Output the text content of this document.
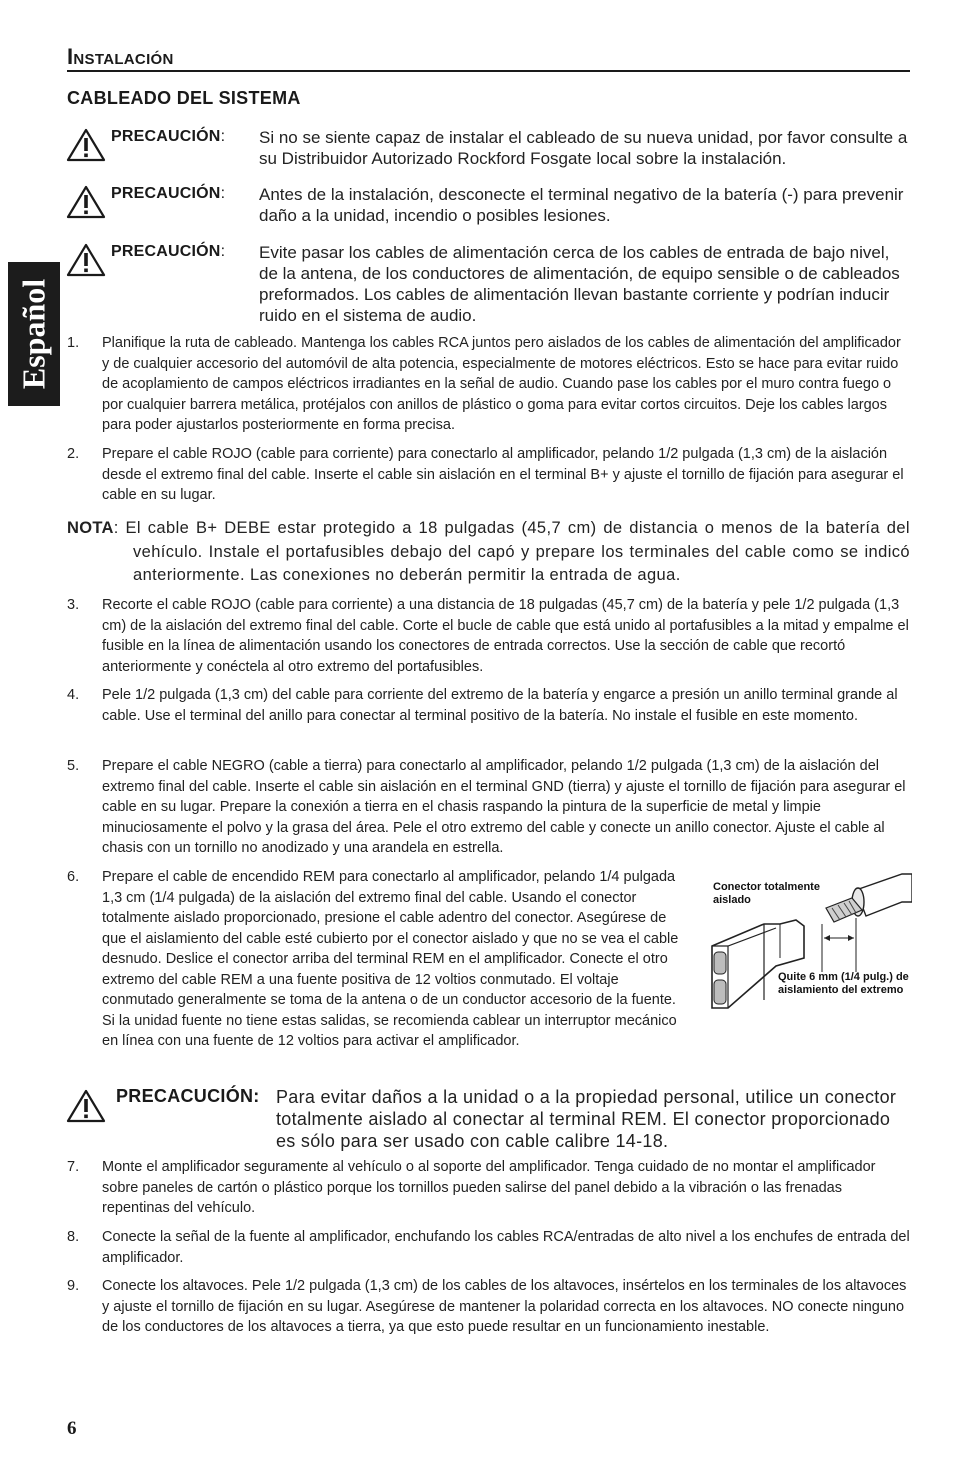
INSTALACIÓN
CABLEADO DEL SISTEMA
Español
PRECAUCIÓN: Si no se siente capaz de instalar el cableado de su nueva unidad, por favor consulte a su Distribuidor Autorizado Rockford Fosgate local sobre la instalación.
PRECAUCIÓN: Antes de la instalación, desconecte el terminal negativo de la batería (-) para prevenir daño a la unidad, incendio o posibles lesiones.
PRECAUCIÓN: Evite pasar los cables de alimentación cerca de los cables de entrada de bajo nivel, de la antena, de los conductores de alimentación, de equipo sensible o de cableados preformados. Los cables de alimentación llevan bastante corriente y podrían inducir ruido en el sistema de audio.
1. Planifique la ruta de cableado. Mantenga los cables RCA juntos pero aislados de los cables de alimentación del amplificador y de cualquier accesorio del automóvil de alta potencia, especialmente de motores eléctricos. Esto se hace para evitar ruido de acoplamiento de campos eléctricos irradiantes en la señal de audio. Cuando pase los cables por el muro contra fuego o por cualquier barrera metálica, protéjalos con anillos de plástico o goma para evitar cortos circuitos. Deje los cables largos para poder ajustarlos posteriormente en forma precisa.
2. Prepare el cable ROJO (cable para corriente) para conectarlo al amplificador, pelando 1/2 pulgada (1,3 cm) de la aislación desde el extremo final del cable. Inserte el cable sin aislación en el terminal B+ y ajuste el tornillo de fijación para asegurar el cable en su lugar.
NOTA: El cable B+ DEBE estar protegido a 18 pulgadas (45,7 cm) de distancia o menos de la batería del vehículo. Instale el portafusibles debajo del capó y prepare los terminales del cable como se indicó anteriormente. Las conexiones no deberán permitir la entrada de agua.
3. Recorte el cable ROJO (cable para corriente) a una distancia de 18 pulgadas (45,7 cm) de la batería y pele 1/2 pulgada (1,3 cm) de la aislación del extremo final del cable. Corte el bucle de cable que está unido al portafusibles a la mitad y empalme el fusible en la línea de alimentación usando los conectores de entrada correctos. Use la sección de cable que recortó anteriormente y conéctela al otro extremo del portafusibles.
4. Pele 1/2 pulgada (1,3 cm) del cable para corriente del extremo de la batería y engarce a presión un anillo terminal grande al cable. Use el terminal del anillo para conectar al terminal positivo de la batería. No instale el fusible en este momento.
5. Prepare el cable NEGRO (cable a tierra) para conectarlo al amplificador, pelando 1/2 pulgada (1,3 cm) de la aislación del extremo final del cable. Inserte el cable sin aislación en el terminal GND (tierra) y ajuste el tornillo de fijación para asegurar el cable en su lugar. Prepare la conexión a tierra en el chasis raspando la pintura de la superficie de metal y limpie minuciosamente el polvo y la grasa del área. Pele el otro extremo del cable y conecte un anillo conector. Ajuste el cable al chasis con un tornillo no anodizado y una arandela en estrella.
6. Prepare el cable de encendido REM para conectarlo al amplificador, pelando 1/4 pulgada 1,3 cm (1/4 pulgada) de la aislación del extremo final del cable. Usando el conector totalmente aislado proporcionado, presione el cable adentro del conector. Asegúrese de que el aislamiento del cable esté cubierto por el conector aislado y que no se vea el cable desnudo. Deslice el conector arriba del terminal REM en el amplificador. Conecte el otro extremo del cable REM a una fuente positiva de 12 voltios conmutado. El voltaje conmutado generalmente se toma de la antena o de un conductor accesorio de la fuente. Si la unidad fuente no tiene estas salidas, se recomienda cablear un interruptor mecánico en línea con una fuente de 12 voltios para activar el amplificador.
Conector totalmente aislado
Quite 6 mm (1/4 pulg.) de aislamiento del extremo
PRECACUCIÓN: Para evitar daños a la unidad o a la propiedad personal, utilice un conector totalmente aislado al conectar al terminal REM. El conector proporcionado es sólo para ser usado con cable calibre 14-18.
7. Monte el amplificador seguramente al vehículo o al soporte del amplificador. Tenga cuidado de no montar el amplificador sobre paneles de cartón o plástico porque los tornillos pueden salirse del panel debido a la vibración o las frenadas repentinas del vehículo.
8. Conecte la señal de la fuente al amplificador, enchufando los cables RCA/entradas de alto nivel a los enchufes de entrada del amplificador.
9. Conecte los altavoces. Pele 1/2 pulgada (1,3 cm) de los cables de los altavoces, insértelos en los terminales de los altavoces y ajuste el tornillo de fijación en su lugar. Asegúrese de mantener la polaridad correcta en los altavoces. NO conecte ninguno de los conductores de los altavoces a tierra, ya que esto puede resultar en un funcionamiento inestable.
6
